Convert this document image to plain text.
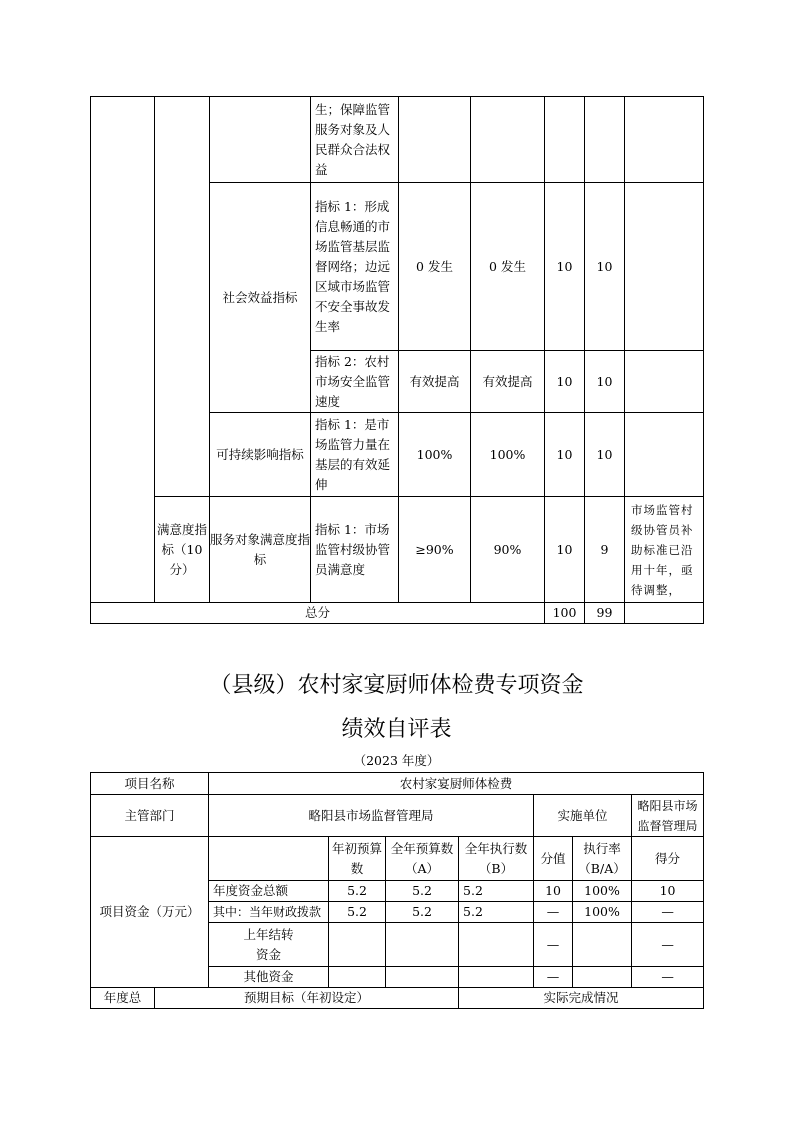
			生；保障监管服务对象及人民群众合法权益					
		社会效益指标	指标 1：形成信息畅通的市场监管基层监督网络；边远区域市场监管不安全事故发生率	0 发生	0 发生	10	10	
			指标 2：农村市场安全监管速度	有效提高	有效提高	10	10	
		可持续影响指标	指标 1：是市场监管力量在基层的有效延伸	100%	100%	10	10	
	满意度指标（10 分）	服务对象满意度指标	指标 1：市场监管村级协管员满意度	≥90%	90%	10	9	市场监管村级协管员补助标准已沿用十年，亟待调整，
总分						100	99	
（县级）农村家宴厨师体检费专项资金
绩效自评表
（2023 年度）
项目名称		农村家宴厨师体检费						
主管部门		略阳县市场监督管理局				实施单位		略阳县市场监督管理局
项目资金（万元）			年初预算数	全年预算数（A）	全年执行数（B）	分值	执行率（B/A）	得分
		年度资金总额	5.2	5.2	5.2	10	100%	10
		其中：当年财政拨款	5.2	5.2	5.2	—	100%	—
		上年结转资金				—		—
		其他资金				—		—
年度总	预期目标（年初设定）				实际完成情况			
